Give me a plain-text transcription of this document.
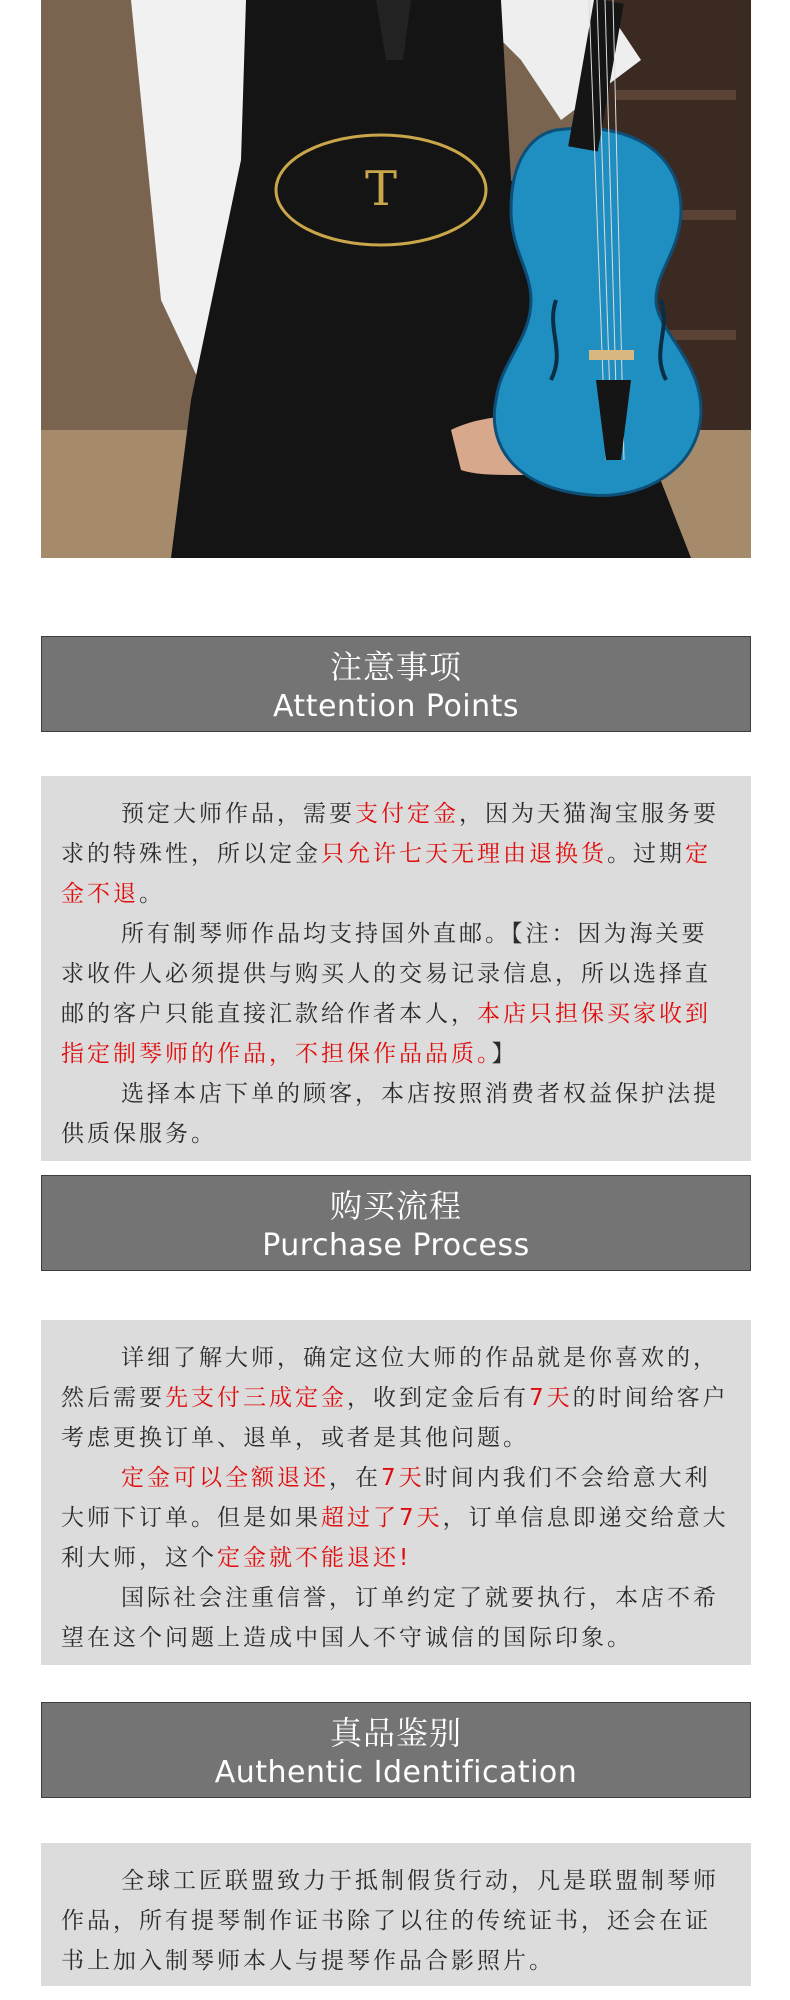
T
注意事项
Attention Points

预定大师作品，需要支付定金，因为天猫淘宝服务要求的特殊性，所以定金只允许七天无理由退换货。过期定金不退。

所有制琴师作品均支持国外直邮。【注：因为海关要求收件人必须提供与购买人的交易记录信息，所以选择直邮的客户只能直接汇款给作者本人，本店只担保买家收到指定制琴师的作品，不担保作品品质。】

选择本店下单的顾客，本店按照消费者权益保护法提供质保服务。

购买流程
Purchase Process

详细了解大师，确定这位大师的作品就是你喜欢的，然后需要先支付三成定金，收到定金后有7天的时间给客户考虑更换订单、退单，或者是其他问题。

定金可以全额退还，在7天时间内我们不会给意大利大师下订单。但是如果超过了7天，订单信息即递交给意大利大师，这个定金就不能退还!

国际社会注重信誉，订单约定了就要执行，本店不希望在这个问题上造成中国人不守诚信的国际印象。

真品鉴别
Authentic Identification

全球工匠联盟致力于抵制假货行动，凡是联盟制琴师作品，所有提琴制作证书除了以往的传统证书，还会在证书上加入制琴师本人与提琴作品合影照片。
